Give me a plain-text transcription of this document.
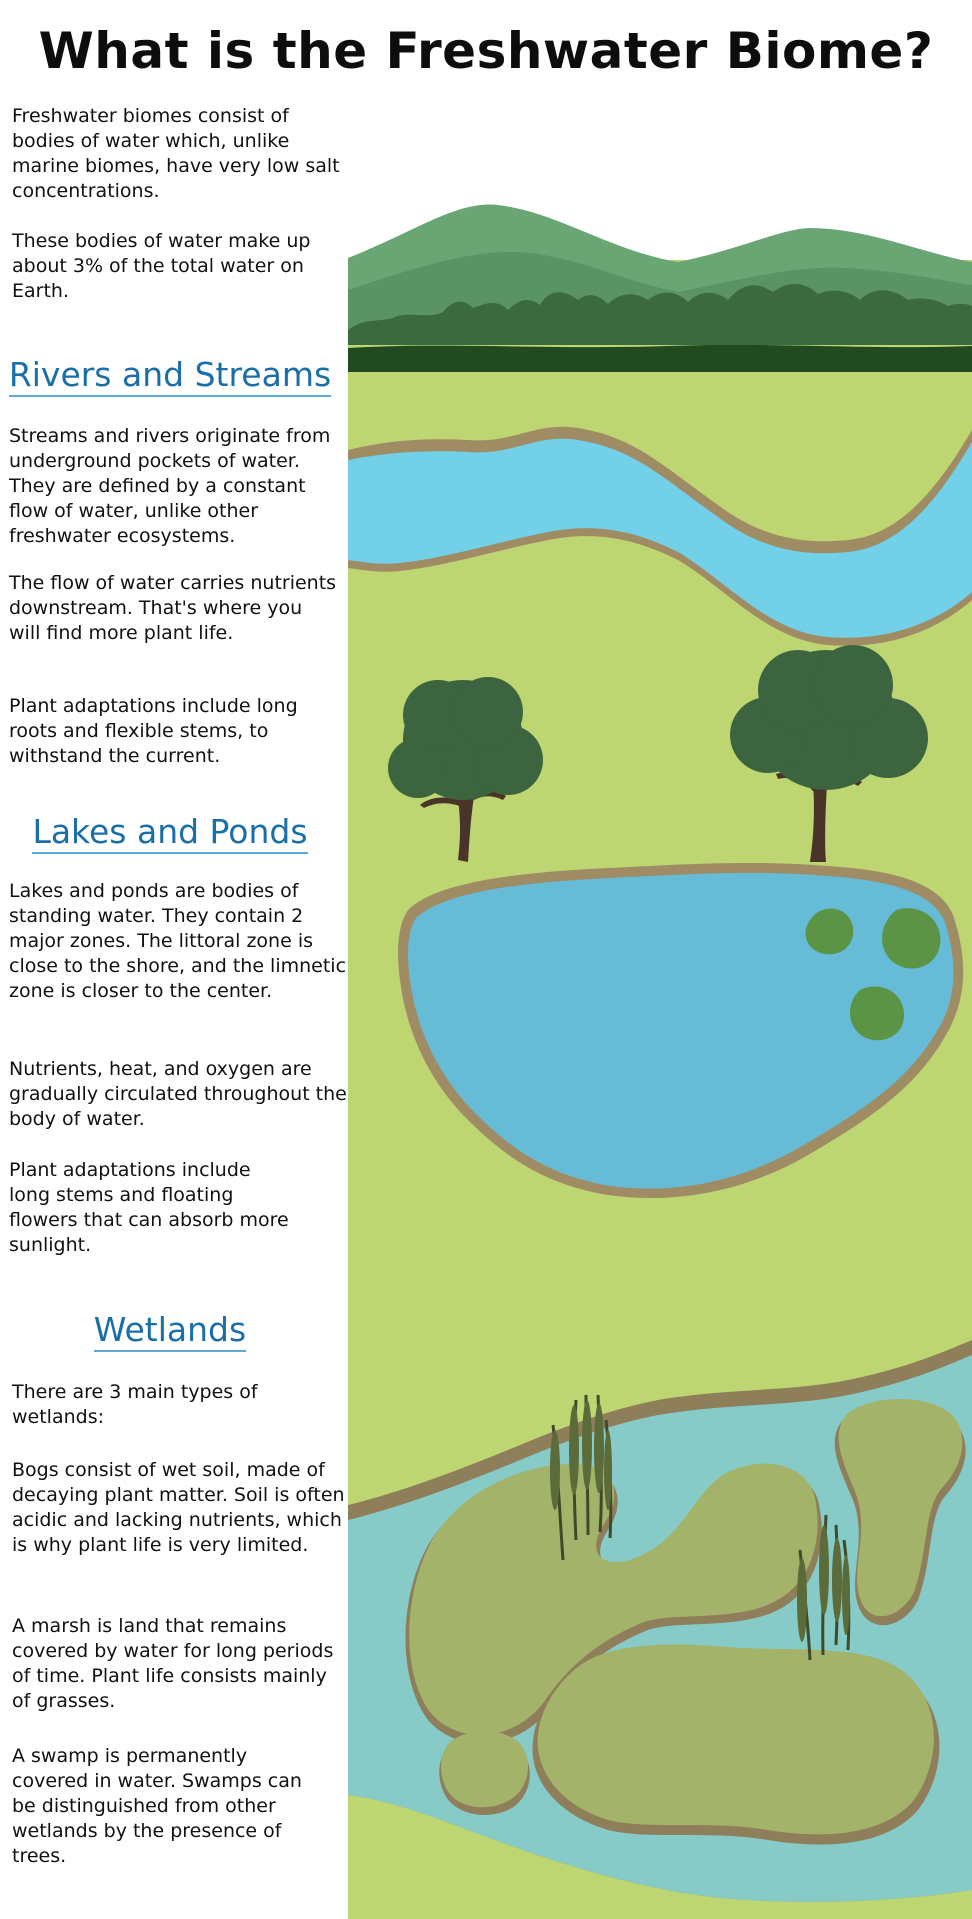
What is the Freshwater Biome?

Freshwater biomes consist of bodies of water which, unlike marine biomes, have very low salt concentrations.

These bodies of water make up about 3% of the total water on Earth.

Rivers and Streams

Streams and rivers originate from underground pockets of water. They are defined by a constant flow of water, unlike other freshwater ecosystems.

The flow of water carries nutrients downstream. That's where you will find more plant life.

Plant adaptations include long roots and flexible stems, to withstand the current.

Lakes and Ponds

Lakes and ponds are bodies of standing water. They contain 2 major zones. The littoral zone is close to the shore, and the limnetic zone is closer to the center.

Nutrients, heat, and oxygen are gradually circulated throughout the body of water.

Plant adaptations include long stems and floating flowers that can absorb more sunlight.

Wetlands

There are 3 main types of wetlands:

Bogs consist of wet soil, made of decaying plant matter. Soil is often acidic and lacking nutrients, which is why plant life is very limited.

A marsh is land that remains covered by water for long periods of time. Plant life consists mainly of grasses.

A swamp is permanently covered in water. Swamps can be distinguished from other wetlands by the presence of trees.
